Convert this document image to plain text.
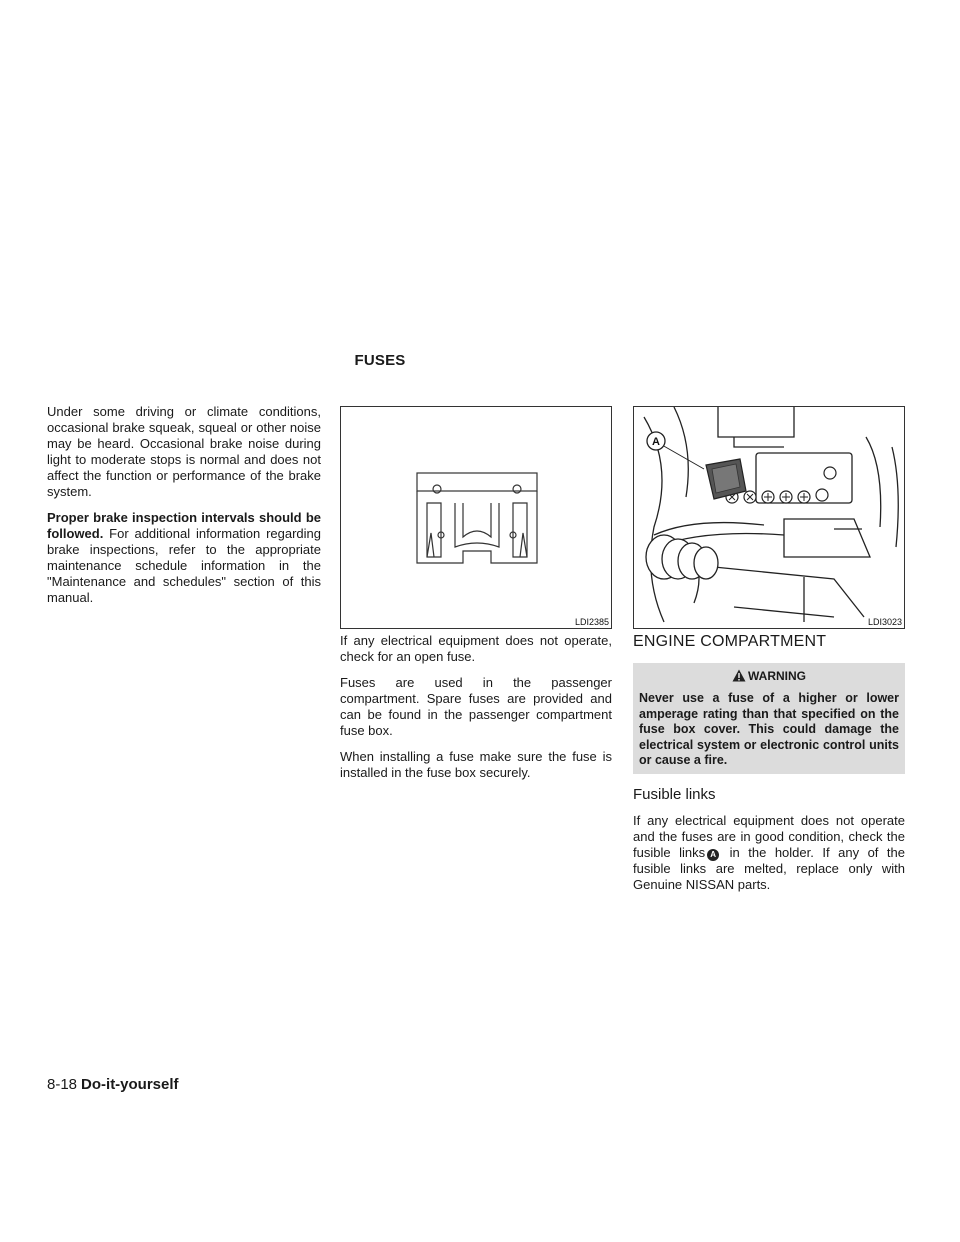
FUSES

Under some driving or climate conditions, occasional brake squeak, squeal or other noise may be heard. Occasional brake noise during light to moderate stops is normal and does not affect the function or performance of the brake system.

Proper brake inspection intervals should be followed. For additional information regarding brake inspections, refer to the appropriate maintenance schedule information in the "Maintenance and schedules" section of this manual.

LDI2385
A
LDI3023

If any electrical equipment does not operate, check for an open fuse.

Fuses are used in the passenger compartment. Spare fuses are provided and can be found in the passenger compartment fuse box.

When installing a fuse make sure the fuse is installed in the fuse box securely.

ENGINE COMPARTMENT
WARNING
Never use a fuse of a higher or lower amperage rating than that specified on the fuse box cover. This could damage the electrical system or electronic control units or cause a fire.
Fusible links

If any electrical equipment does not operate and the fuses are in good condition, check the fusible links A in the holder. If any of the fusible links are melted, replace only with Genuine NISSAN parts.

8-18 Do-it-yourself
